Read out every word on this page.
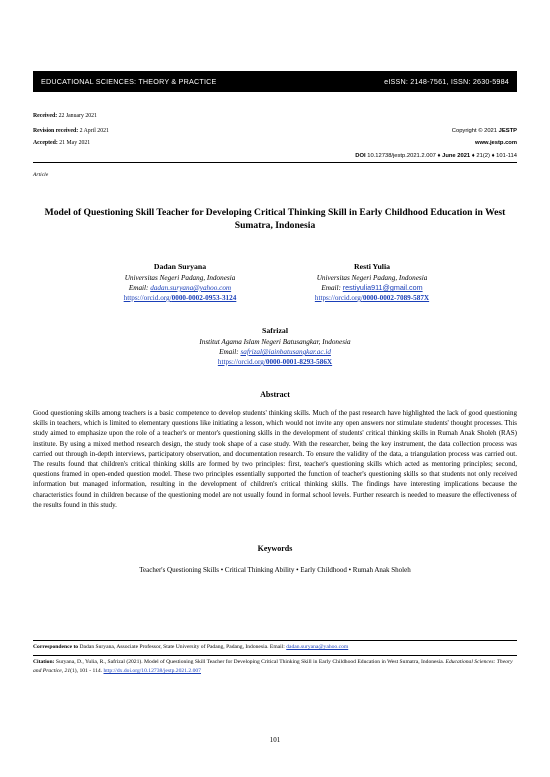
EDUCATIONAL SCIENCES: THEORY & PRACTICE	eISSN: 2148-7561, ISSN: 2630-5984
Received: 22 January 2021
Revision received: 2 April 2021
Accepted: 21 May 2021
Copyright © 2021 JESTP
www.jestp.com
DOI 10.12738/jestp.2021.2.007 ♦ June 2021 ♦ 21(2) ♦ 101-114
Article
Model of Questioning Skill Teacher for Developing Critical Thinking Skill in Early Childhood Education in West Sumatra, Indonesia
Dadan Suryana
Universitas Negeri Padang, Indonesia
Email: dadan.suryana@yahoo.com
https://orcid.org/0000-0002-0953-3124
Resti Yulia
Universitas Negeri Padang, Indonesia
Email: restiyulia911@gmail.com
https://orcid.org/0000-0002-7089-587X
Safrizal
Institut Agama Islam Negeri Batusangkar, Indonesia
Email: safrizal@iainbatusangkar.ac.id
https://orcid.org/0000-0001-8293-586X
Abstract
Good questioning skills among teachers is a basic competence to develop students' thinking skills. Much of the past research have highlighted the lack of good questioning skills in teachers, which is limited to elementary questions like initiating a lesson, which would not invite any open answers nor stimulate students' thought processes. This study aimed to emphasize upon the role of a teacher's or mentor's questioning skills in the development of students' critical thinking skills in Rumah Anak Sholeh (RAS) institute. By using a mixed method research design, the study took shape of a case study. With the researcher, being the key instrument, the data collection process was carried out through in-depth interviews, participatory observation, and documentation research. To ensure the validity of the data, a triangulation process was carried out. The results found that children's critical thinking skills are formed by two principles: first, teacher's questioning skills which acted as mentoring principles; second, questions framed in open-ended question model. These two principles essentially supported the function of teacher's questioning skills so that students not only received information but managed information, resulting in the development of children's critical thinking skills. The findings have interesting implications because the characteristics found in children because of the questioning model are not usually found in formal school levels. Further research is needed to measure the effectiveness of the results found in this study.
Keywords
Teacher's Questioning Skills • Critical Thinking Ability • Early Childhood • Rumah Anak Sholeh
Correspondence to Dadan Suryana, Associate Professor, State University of Padang, Padang, Indonesia. Email: dadan.suryana@yahoo.com
Citation: Suryana, D., Yulia, R., Safrizal (2021). Model of Questioning Skill Teacher for Developing Critical Thinking Skill in Early Childhood Education in West Sumatra, Indonesia. Educational Sciences: Theory and Practice, 21(1), 101 - 114. http://dx.doi.org/10.12738/jestp.2021.2.007
101
